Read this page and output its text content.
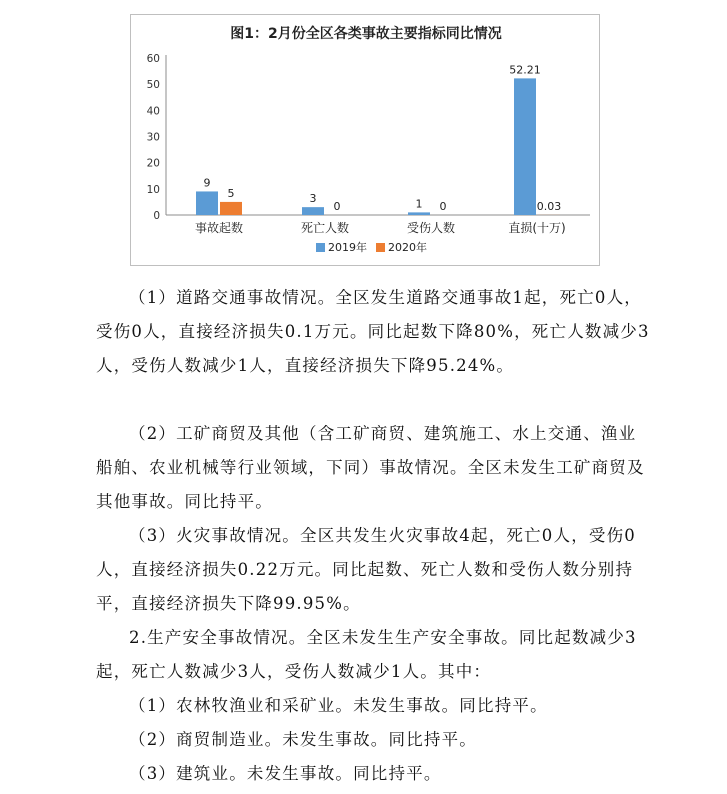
图1：2月份全区各类事故主要指标同比情况
0
10
20
30
40
50
60
9
5
事故起数
3
0
死亡人数
1 0
受伤人数
52.21
0.03
直损(十万)
2019年 2020年

（1）道路交通事故情况。全区发生道路交通事故1起，死亡0人，受伤0人，直接经济损失0.1万元。同比起数下降80%，死亡人数减少3人，受伤人数减少1人，直接经济损失下降95.24%。

（2）工矿商贸及其他（含工矿商贸、建筑施工、水上交通、渔业船舶、农业机械等行业领域，下同）事故情况。全区未发生工矿商贸及其他事故。同比持平。

（3）火灾事故情况。全区共发生火灾事故4起，死亡0人，受伤0人，直接经济损失0.22万元。同比起数、死亡人数和受伤人数分别持平，直接经济损失下降99.95%。

2.生产安全事故情况。全区未发生生产安全事故。同比起数减少3起，死亡人数减少3人，受伤人数减少1人。其中：

（1）农林牧渔业和采矿业。未发生事故。同比持平。

（2）商贸制造业。未发生事故。同比持平。

（3）建筑业。未发生事故。同比持平。
